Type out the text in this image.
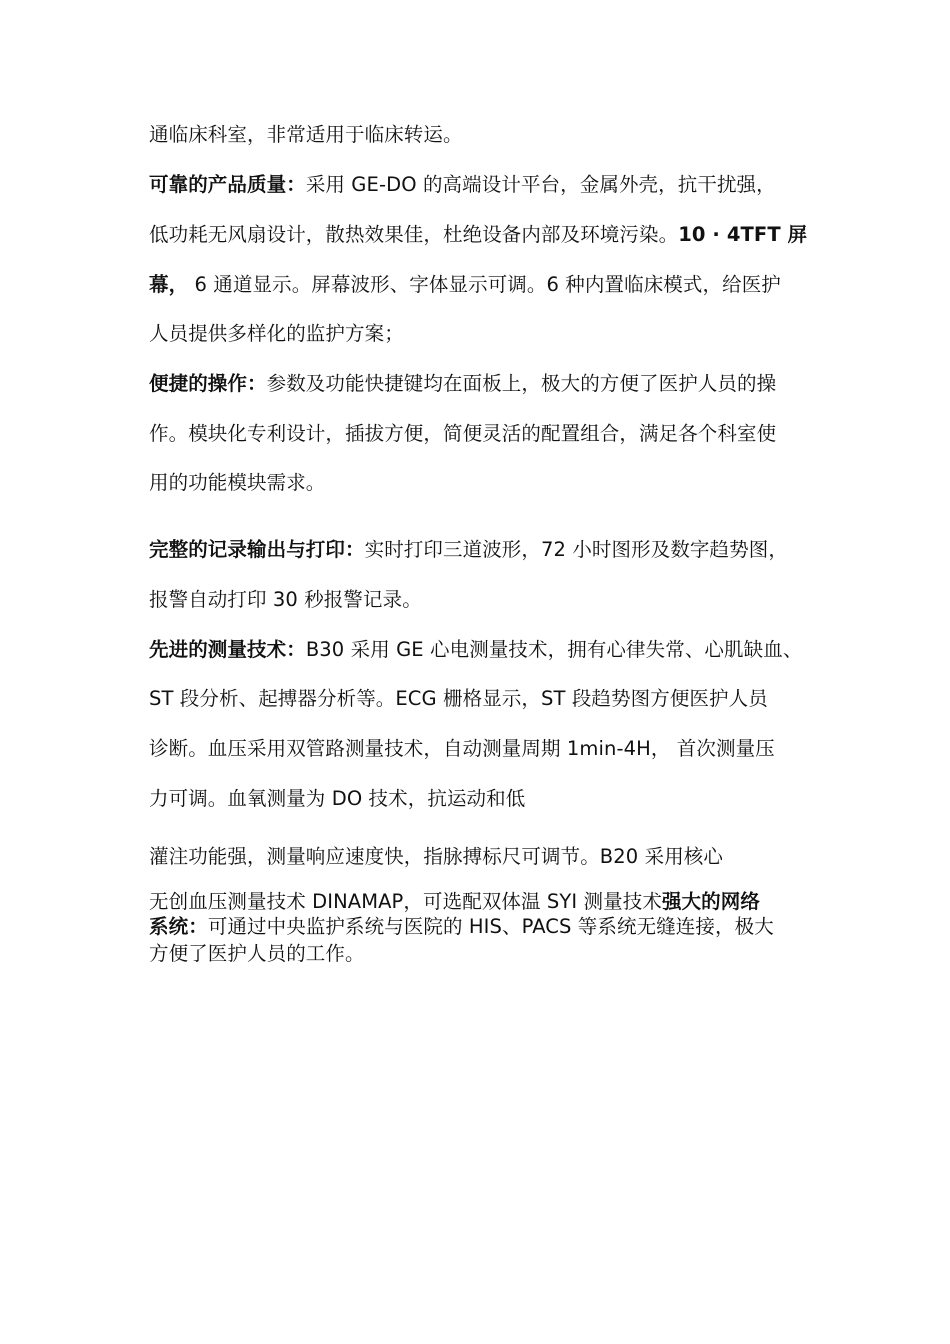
通临床科室，非常适用于临床转运。
可靠的产品质量：采用 GE-DO 的高端设计平台，金属外壳，抗干扰强，
低功耗无风扇设计，散热效果佳，杜绝设备内部及环境污染。10 · 4TFT 屏
幕， 6 通道显示。屏幕波形、字体显示可调。6 种内置临床模式，给医护
人员提供多样化的监护方案；
便捷的操作：参数及功能快捷键均在面板上，极大的方便了医护人员的操
作。模块化专利设计，插拔方便，简便灵活的配置组合，满足各个科室使
用的功能模块需求。
完整的记录输出与打印：实时打印三道波形，72 小时图形及数字趋势图，
报警自动打印 30 秒报警记录。
先进的测量技术：B30 采用 GE 心电测量技术，拥有心律失常、心肌缺血、
ST 段分析、起搏器分析等。ECG 栅格显示，ST 段趋势图方便医护人员
诊断。血压采用双管路测量技术，自动测量周期 1min-4H， 首次测量压
力可调。血氧测量为 DO 技术，抗运动和低
灌注功能强，测量响应速度快，指脉搏标尺可调节。B20 采用核心
无创血压测量技术 DINAMAP，可选配双体温 SYI 测量技术强大的网络
系统：可通过中央监护系统与医院的 HIS、PACS 等系统无缝连接，极大
方便了医护人员的工作。
